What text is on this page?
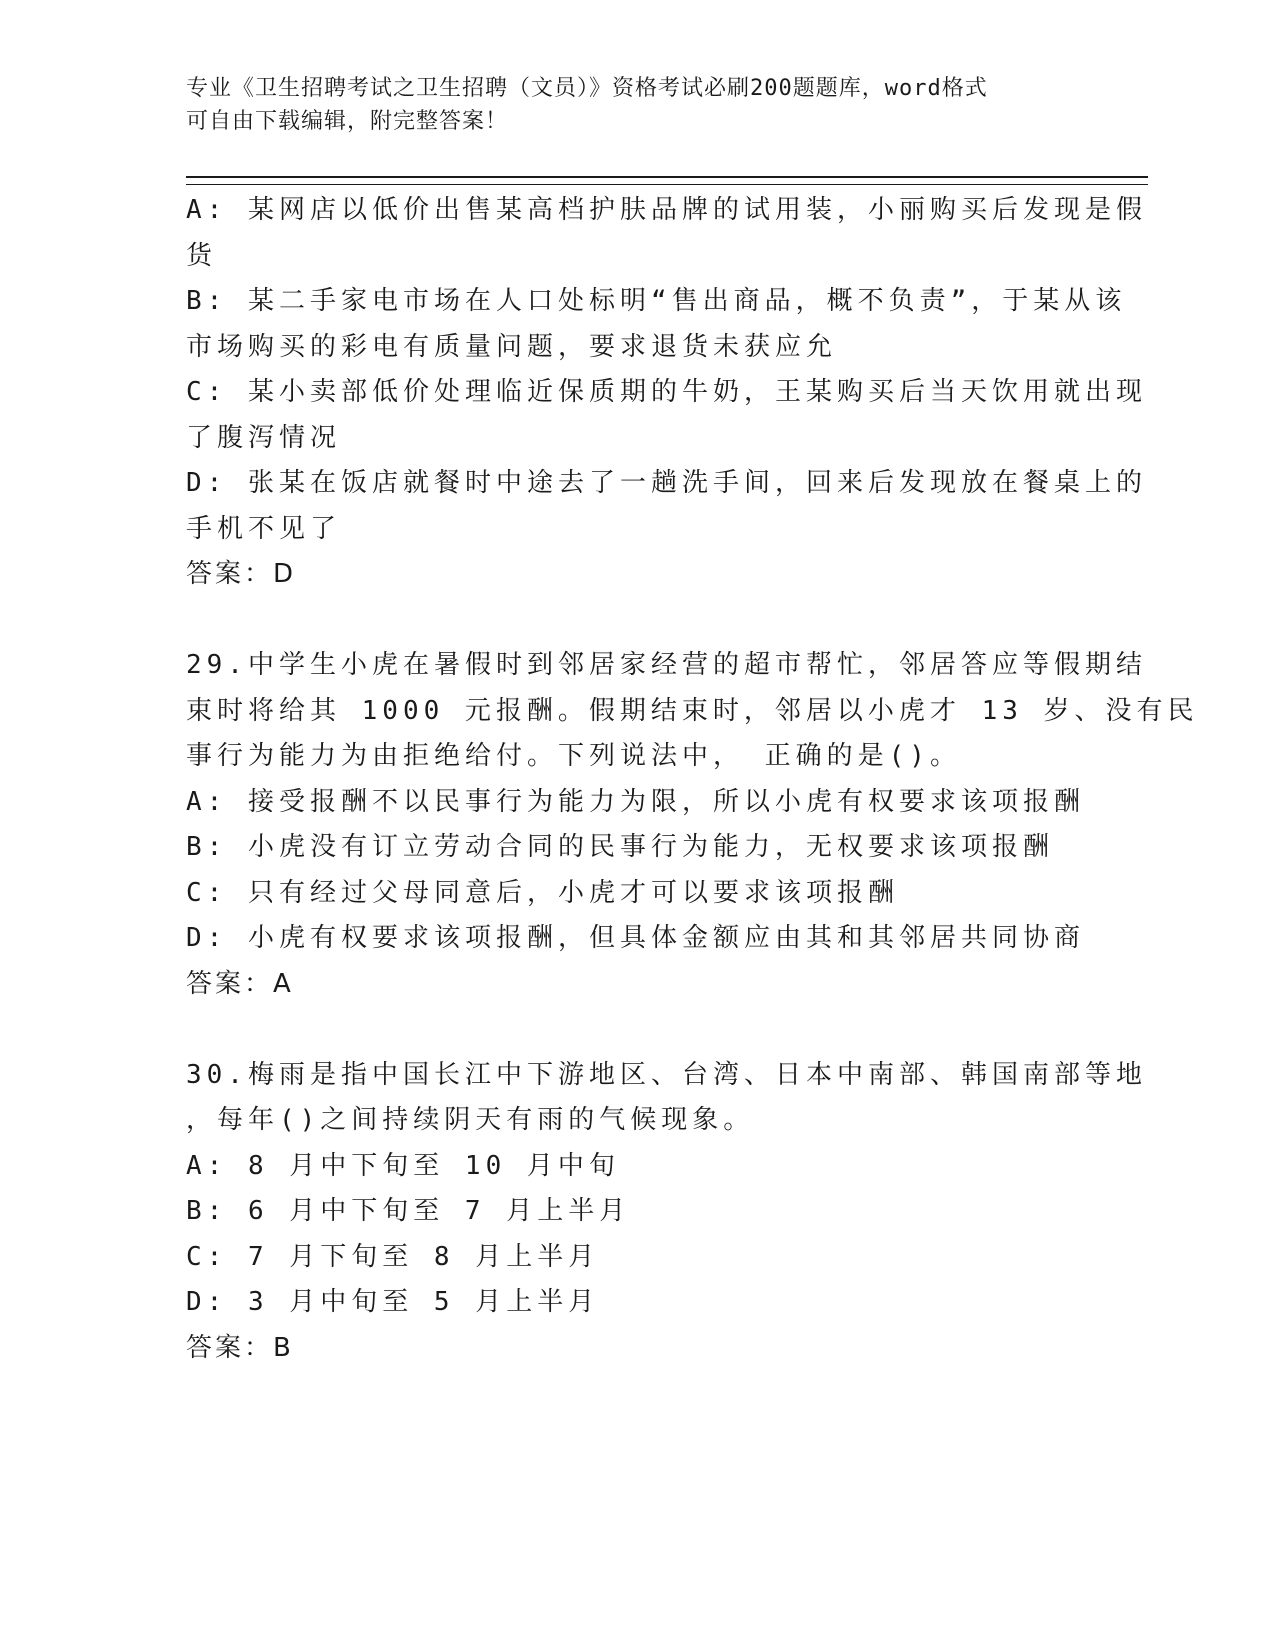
专业《卫生招聘考试之卫生招聘（文员）》资格考试必刷200题题库，word格式
可自由下载编辑，附完整答案！
A: 某网店以低价出售某高档护肤品牌的试用装，小丽购买后发现是假
货
B: 某二手家电市场在人口处标明“售出商品，概不负责”，于某从该
市场购买的彩电有质量问题，要求退货未获应允
C: 某小卖部低价处理临近保质期的牛奶，王某购买后当天饮用就出现
了腹泻情况
D: 张某在饭店就餐时中途去了一趟洗手间，回来后发现放在餐桌上的
手机不见了
答案：D
29.中学生小虎在暑假时到邻居家经营的超市帮忙，邻居答应等假期结
束时将给其 1000 元报酬。假期结束时，邻居以小虎才 13 岁、没有民
事行为能力为由拒绝给付。下列说法中， 正确的是()。
A: 接受报酬不以民事行为能力为限，所以小虎有权要求该项报酬
B: 小虎没有订立劳动合同的民事行为能力，无权要求该项报酬
C: 只有经过父母同意后，小虎才可以要求该项报酬
D: 小虎有权要求该项报酬，但具体金额应由其和其邻居共同协商
答案：A
30.梅雨是指中国长江中下游地区、台湾、日本中南部、韩国南部等地
，每年()之间持续阴天有雨的气候现象。
A: 8 月中下旬至 10 月中旬
B: 6 月中下旬至 7 月上半月
C: 7 月下旬至 8 月上半月
D: 3 月中旬至 5 月上半月
答案：B
